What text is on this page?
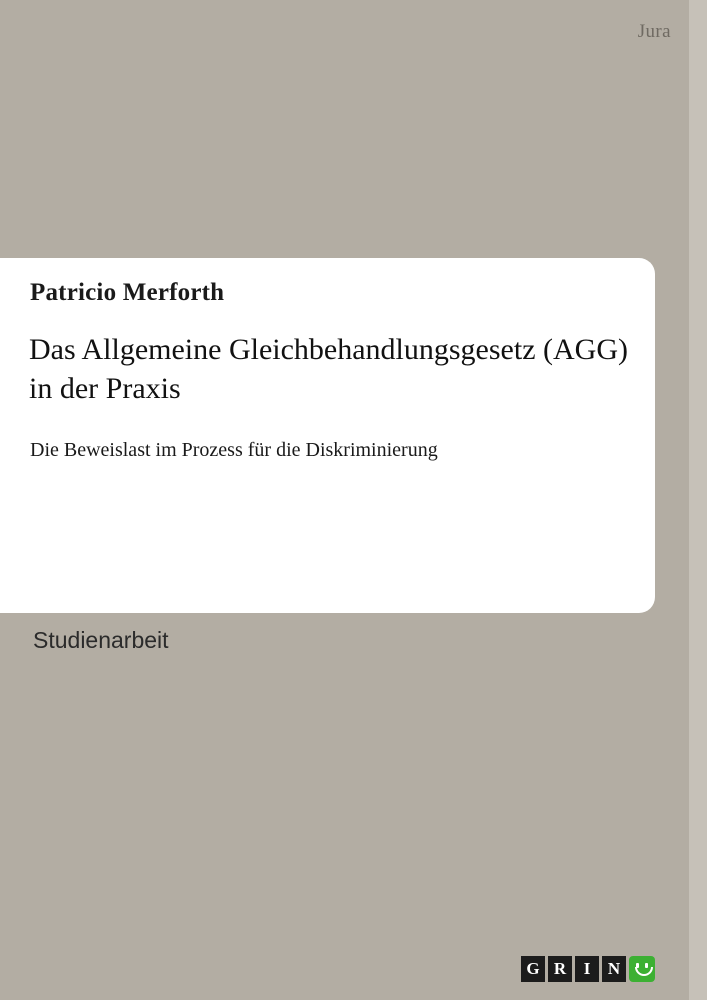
Jura
Patricio Merforth
Das Allgemeine Gleichbehandlungsgesetz (AGG) in der Praxis
Die Beweislast im Prozess für die Diskriminierung
Studienarbeit
G R	I	N
